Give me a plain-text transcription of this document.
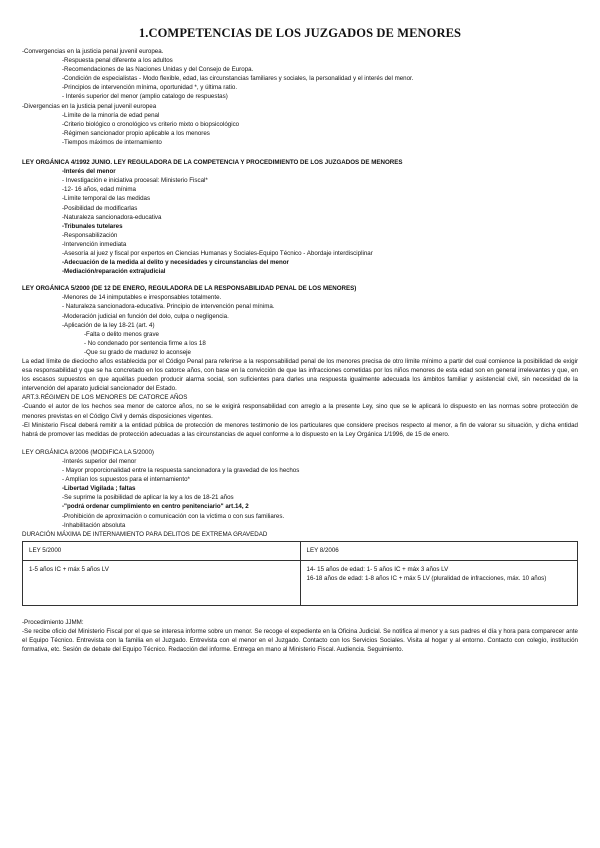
1.COMPETENCIAS DE LOS JUZGADOS DE MENORES
-Convergencias en la justicia penal juvenil europea.
-Respuesta penal diferente a los adultos
-Recomendaciones de las Naciones Unidas y del Consejo de Europa.
-Condición de especialistas - Modo flexible, edad, las circunstancias familiares y sociales, la personalidad y el interés del menor.
-Principios de intervención mínima, oportunidad *, y última ratio.
- Interés superior del menor (amplio catalogo de respuestas)
-Divergencias en la justicia penal juvenil europea
-Límite de la minoría de edad penal
-Criterio biológico o cronológico vs criterio mixto o biopsicológico
-Régimen sancionador propio aplicable a los menores
-Tiempos máximos de internamiento
LEY ORGÁNICA 4/1992 JUNIO. LEY REGULADORA DE LA COMPETENCIA Y PROCEDIMIENTO DE LOS JUZGADOS DE MENORES
-Interés del menor
- Investigación e iniciativa procesal: Ministerio Fiscal*
-12- 16 años, edad mínima
-Límite temporal de las medidas
-Posibilidad de modificarlas
-Naturaleza sancionadora-educativa
-Tribunales tutelares
-Responsabilización
-Intervención inmediata
-Asesoría al juez y fiscal por expertos en Ciencias Humanas y Sociales-Equipo Técnico - Abordaje interdisciplinar
-Adecuación de la medida al delito y necesidades y circunstancias del menor
-Mediación/reparación extrajudicial
LEY ORGÁNICA 5/2000 (DE 12 DE ENERO, REGULADORA DE LA RESPONSABILIDAD PENAL DE LOS MENORES)
-Menores de 14 inimputables e irresponsables totalmente.
- Naturaleza sancionadora-educativa. Principio de intervención penal mínima.
-Moderación judicial en función del dolo, culpa o negligencia.
-Aplicación de la ley 18-21 (art. 4)
-Falta o delito menos grave
- No condenado por sentencia firme a los 18
-Que su grado de madurez lo aconseje
La edad límite de dieciocho años establecida por el Código Penal para referirse a la responsabilidad penal de los menores precisa de otro límite mínimo a partir del cual comience la posibilidad de exigir esa responsabilidad y que se ha concretado en los catorce años, con base en la convicción de que las infracciones cometidas por los niños menores de esta edad son en general irrelevantes y que, en los escasos supuestos en que aquéllas pueden producir alarma social, son suficientes para darles una respuesta igualmente adecuada los ámbitos familiar y asistencial civil, sin necesidad de la intervención del aparato judicial sancionador del Estado.
ART.3.RÉGIMEN DE LOS MENORES DE CATORCE AÑOS
-Cuando el autor de los hechos sea menor de catorce años, no se le exigirá responsabilidad con arreglo a la presente Ley, sino que se le aplicará lo dispuesto en las normas sobre protección de menores previstas en el Código Civil y demás disposiciones vigentes.
-El Ministerio Fiscal deberá remitir a la entidad pública de protección de menores testimonio de los particulares que considere precisos respecto al menor, a fin de valorar su situación, y dicha entidad habrá de promover las medidas de protección adecuadas a las circunstancias de aquel conforme a lo dispuesto en la Ley Orgánica 1/1996, de 15 de enero.
LEY ORGÁNICA 8/2006 (MODIFICA LA 5/2000)
-Interés superior del menor
- Mayor proporcionalidad entre la respuesta sancionadora y la gravedad de los hechos
- Amplían los supuestos para el internamiento*
-Libertad Vigilada ; faltas
-Se suprime la posibilidad de aplicar la ley a los de 18-21 años
-"podrá ordenar cumplimiento en centro penitenciario" art.14, 2
-Prohibición de aproximación o comunicación con la víctima o con sus familiares.
-Inhabilitación absoluta
DURACIÓN MÁXIMA DE INTERNAMIENTO PARA DELITOS DE EXTREMA GRAVEDAD
LEY 5/2000	LEY 8/2006
1-5 años IC + máx 5 años LV	14- 15 años de edad: 1- 5 años IC + máx 3 años LV
16-18 años de edad: 1-8 años IC + máx 5 LV (pluralidad de infracciones, máx. 10 años)
-Procedimiento JJMM:
-Se recibe oficio del Ministerio Fiscal por el que se interesa informe sobre un menor. Se recoge el expediente en la Oficina Judicial. Se notifica al menor y a sus padres el día y hora para comparecer ante el Equipo Técnico. Entrevista con la familia en el Juzgado. Entrevista con el menor en el Juzgado. Contacto con los Servicios Sociales. Visita al hogar y al entorno. Contacto con colegio, institución formativa, etc. Sesión de debate del Equipo Técnico. Redacción del informe. Entrega en mano al Ministerio Fiscal. Audiencia. Seguimiento.
